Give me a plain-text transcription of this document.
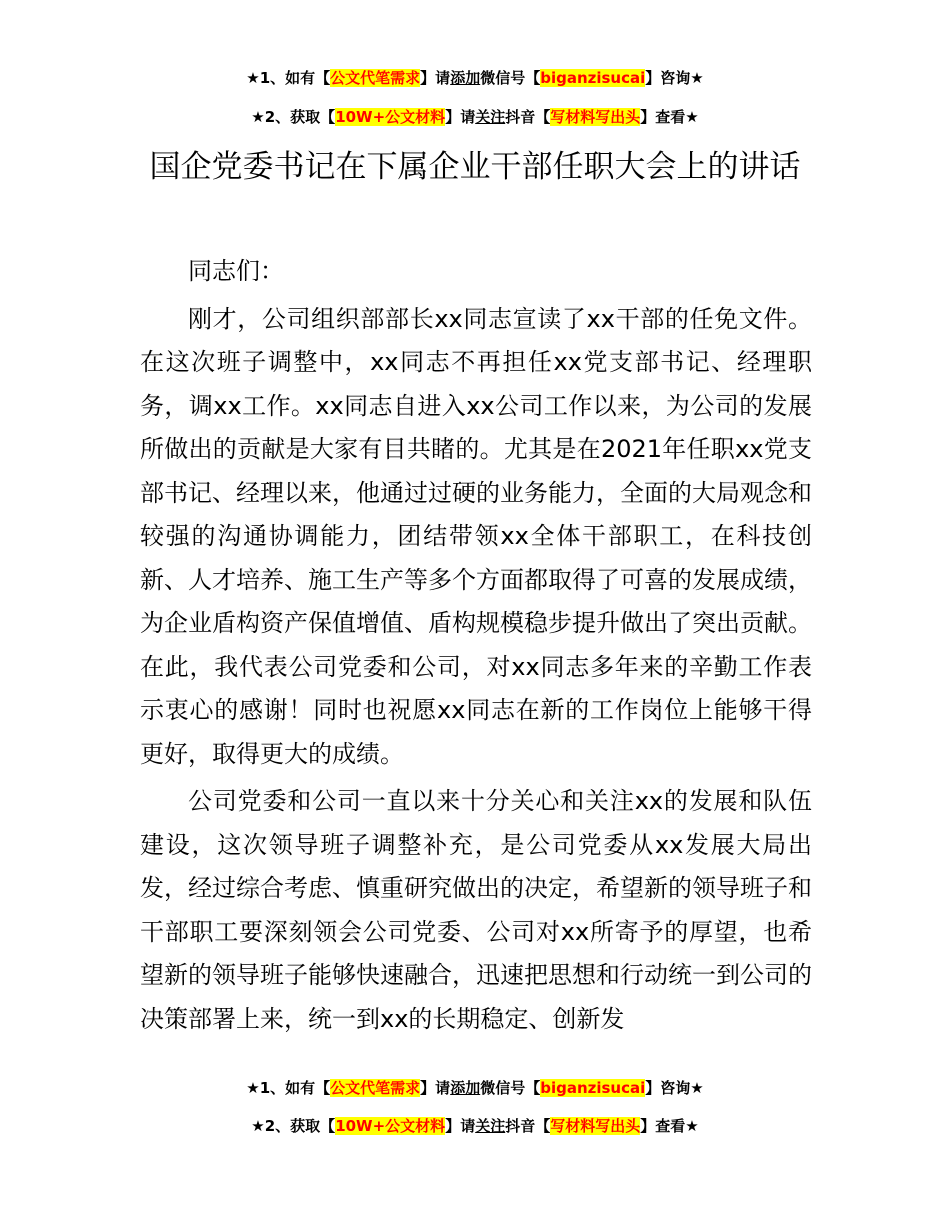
★1、如有【公文代笔需求】请添加微信号【biganzisucai】咨询★
★2、获取【10W+公文材料】请关注抖音【写材料写出头】查看★
国企党委书记在下属企业干部任职大会上的讲话

同志们：

刚才，公司组织部部长xx同志宣读了xx干部的任免文件。在这次班子调整中，xx同志不再担任xx党支部书记、经理职务，调xx工作。xx同志自进入xx公司工作以来，为公司的发展所做出的贡献是大家有目共睹的。尤其是在2021年任职xx党支部书记、经理以来，他通过过硬的业务能力，全面的大局观念和较强的沟通协调能力，团结带领xx全体干部职工，在科技创新、人才培养、施工生产等多个方面都取得了可喜的发展成绩，为企业盾构资产保值增值、盾构规模稳步提升做出了突出贡献。在此，我代表公司党委和公司，对xx同志多年来的辛勤工作表示衷心的感谢！同时也祝愿xx同志在新的工作岗位上能够干得更好，取得更大的成绩。

公司党委和公司一直以来十分关心和关注xx的发展和队伍建设，这次领导班子调整补充，是公司党委从xx发展大局出发，经过综合考虑、慎重研究做出的决定，希望新的领导班子和干部职工要深刻领会公司党委、公司对xx所寄予的厚望，也希望新的领导班子能够快速融合，迅速把思想和行动统一到公司的决策部署上来，统一到xx的长期稳定、创新发

★1、如有【公文代笔需求】请添加微信号【biganzisucai】咨询★
★2、获取【10W+公文材料】请关注抖音【写材料写出头】查看★
